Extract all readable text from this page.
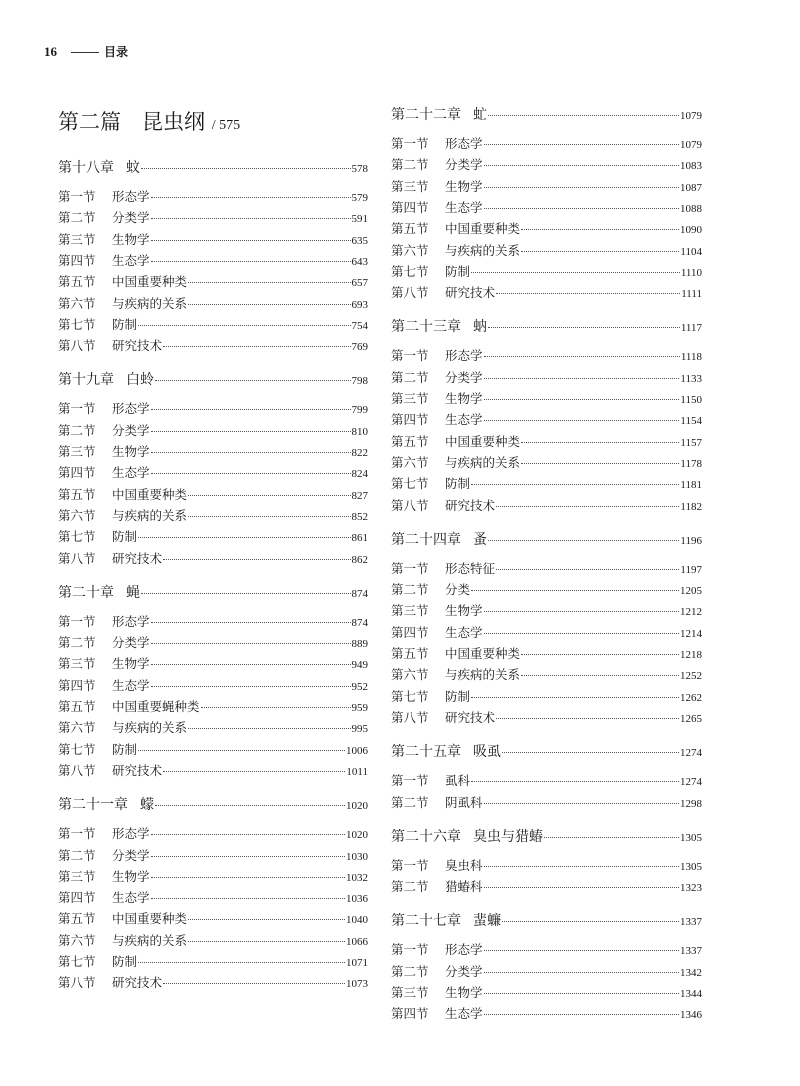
16	目录
第二篇　昆虫纲 / 575
第十八章 蚊	578
第一节	形态学	579
第二节	分类学	591
第三节	生物学	635
第四节	生态学	643
第五节	中国重要种类	657
第六节	与疾病的关系	693
第七节	防制	754
第八节	研究技术	769
第十九章 白蛉	798
第一节	形态学	799
第二节	分类学	810
第三节	生物学	822
第四节	生态学	824
第五节	中国重要种类	827
第六节	与疾病的关系	852
第七节	防制	861
第八节	研究技术	862
第二十章 蝇	874
第一节	形态学	874
第二节	分类学	889
第三节	生物学	949
第四节	生态学	952
第五节	中国重要蝇种类	959
第六节	与疾病的关系	995
第七节	防制	1006
第八节	研究技术	1011
第二十一章 蠓	1020
第一节	形态学	1020
第二节	分类学	1030
第三节	生物学	1032
第四节	生态学	1036
第五节	中国重要种类	1040
第六节	与疾病的关系	1066
第七节	防制	1071
第八节	研究技术	1073
第二十二章 虻	1079
第一节	形态学	1079
第二节	分类学	1083
第三节	生物学	1087
第四节	生态学	1088
第五节	中国重要种类	1090
第六节	与疾病的关系	1104
第七节	防制	1110
第八节	研究技术	1111
第二十三章 蚋	1117
第一节	形态学	1118
第二节	分类学	1133
第三节	生物学	1150
第四节	生态学	1154
第五节	中国重要种类	1157
第六节	与疾病的关系	1178
第七节	防制	1181
第八节	研究技术	1182
第二十四章 蚤	1196
第一节	形态特征	1197
第二节	分类	1205
第三节	生物学	1212
第四节	生态学	1214
第五节	中国重要种类	1218
第六节	与疾病的关系	1252
第七节	防制	1262
第八节	研究技术	1265
第二十五章 吸虱	1274
第一节	虱科	1274
第二节	阴虱科	1298
第二十六章 臭虫与猎蝽	1305
第一节	臭虫科	1305
第二节	猎蝽科	1323
第二十七章 蜚蠊	1337
第一节	形态学	1337
第二节	分类学	1342
第三节	生物学	1344
第四节	生态学	1346
